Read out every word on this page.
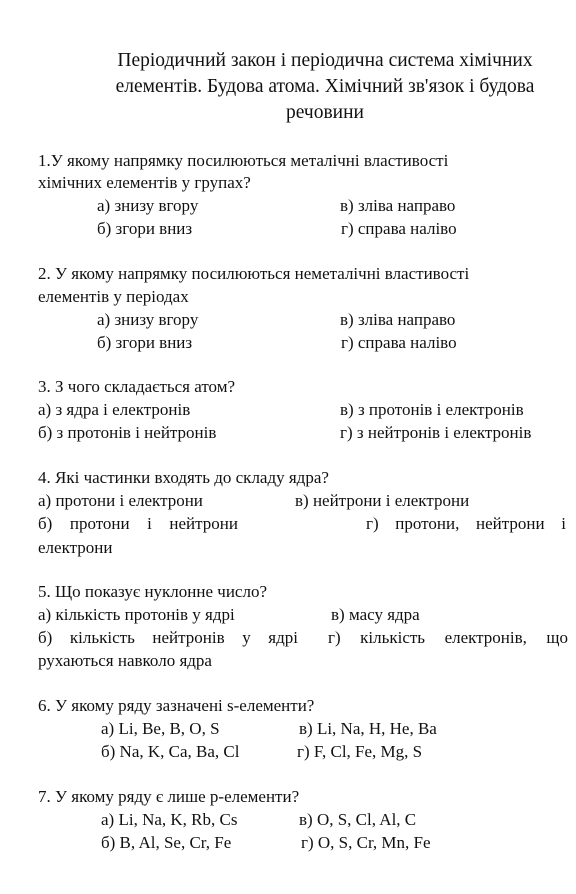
Періодичний закон і періодична система хімічних
елементів. Будова атома. Хімічний зв'язок і будова
речовини
1.У якому напрямку посилюються металічні властивості
хімічних елементів у групах?
а) знизу вгору	в) зліва направо
б) згори вниз	г) справа наліво
2. У якому напрямку посилюються неметалічні властивості
елементів у періодах
а) знизу вгору	в) зліва направо
б) згори вниз	г) справа наліво
3. З чого складається атом?
а) з ядра і електронів	в) з протонів і електронів
б) з протонів і нейтронів	г) з нейтронів і електронів
4. Які частинки входять до складу ядра?
а) протони і електрони	в) нейтрони і електрони
б) протони і нейтрони	г) протони, нейтрони і
електрони
5. Що показує нуклонне число?
а) кількість протонів у ядрі	в) масу ядра
б) кількість нейтронів у ядрі г) кількість електронів, що
рухаються навколо ядра
6. У якому ряду зазначені s-елементи?
а) Li, Be, B, O, S	в) Li, Na, H, He, Ba
б) Na, K, Ca, Ba, Cl	г) F, Cl, Fe, Mg, S
7. У якому ряду є лише p-елементи?
а) Li, Na, K, Rb, Cs	в) O, S, Cl, Al, C
б) B, Al, Se, Cr, Fe	г) O, S, Cr, Mn, Fe
